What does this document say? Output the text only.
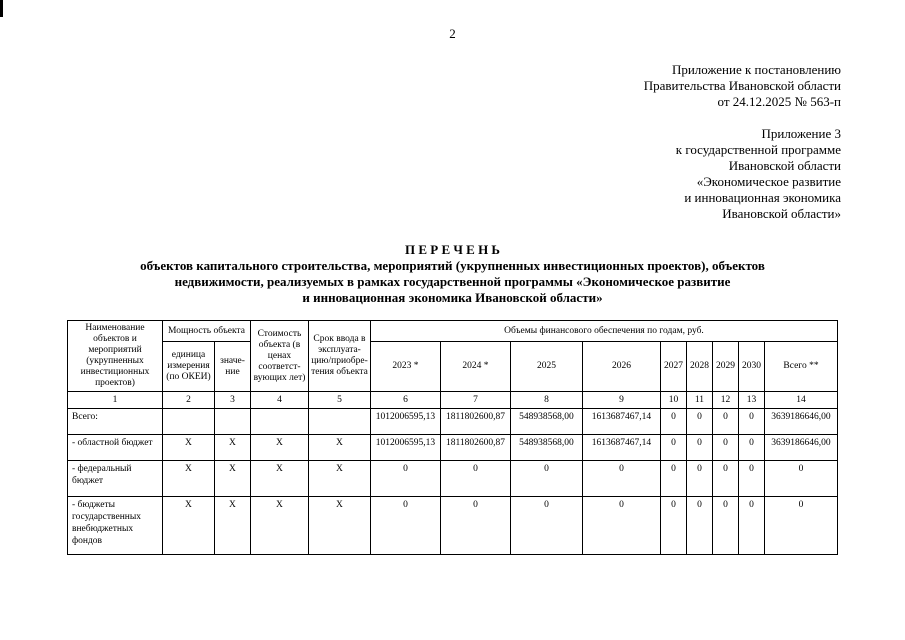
2
Приложение к постановлению
Правительства Ивановской области
от 24.12.2025 № 563-п
Приложение 3
к государственной программе
Ивановской области
«Экономическое развитие
и инновационная экономика
Ивановской области»
П Е Р Е Ч Е Н Ь
объектов капитального строительства, мероприятий (укрупненных инвестиционных проектов), объектов
недвижимости, реализуемых в рамках государственной программы «Экономическое развитие
и инновационная экономика Ивановской области»
Наименование объектов и мероприятий (укрупненных инвестиционных проектов)	Мощность объекта		Стоимость объекта (в ценах соответст-вующих лет)	Срок ввода в эксплуата-цию/приобре-тения объекта	Объемы финансового обеспечения по годам, руб.								
	единица измерения (по ОКЕИ)	значе-ние			2023 *	2024 *	2025	2026	2027	2028	2029	2030	Всего **
1	2	3	4	5	6	7	8	9	10	11	12	13	14
Всего:					1012006595,13	1811802600,87	548938568,00	1613687467,14	0	0	0	0	3639186646,00
- областной бюджет	X	X	X	X	1012006595,13	1811802600,87	548938568,00	1613687467,14	0	0	0	0	3639186646,00
- федеральный бюджет	X	X	X	X	0	0	0	0	0	0	0	0	0
- бюджеты государственных внебюджетных фондов	X	X	X	X	0	0	0	0	0	0	0	0	0
